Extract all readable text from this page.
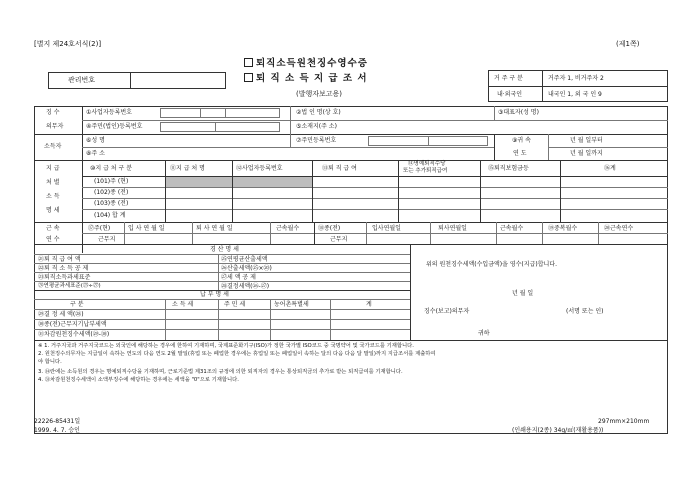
[별지 제24호서식(2)]	(제1쪽)
퇴직소득원천징수영수증
퇴 직 소 득 지 급 조 서
(발행자보고용)
관리번호	거 주 구 분	거주자 1, 비거주자 2
내·외국인	내국인 1, 외 국 인 9
징 수
의무자
①사업자등록번호	②법 인 명(상 호)	③대표자(성 명)
④주민(법인)등록번호	⑤소재지(주 소)
소득자
⑥성 명	⑦주민등록번호
⑧주 소
⑨귀 속
연 도
년 월 일부터
년 월 일까지
지 급
처 별
소 득
명 세
⑩지 급 처 구 분	⑪지 급 처 명	⑫사업자등록번호	⑬퇴 직 급 여
⑭명예퇴직수당
또는 추가퇴직급여	⑮퇴직보험금등	⑯계
(101)주 (현)
(102)종 (전)
(103)종 (전)
(104) 합 계
근 속
연 수
⑰주(현)	입 사 연 월 일	퇴 사 연 월 일	근속월수	⑱종(전)	입사연월일	퇴사연월일	근속월수	⑲중복월수	⑳근속연수
근무지	근무지
경 산 명 세
㉑퇴 직 급 여 액
㉒퇴 직 소 득 공 제
㉓퇴직소득과세표준
㉔연평균과세표준(㉓÷㉗)
㉕연평균산출세액
㉖산출세액(㉕×⑳)
㉗세 액 공 제
㉘결정세액(㉖-㉗)
납 부 명 세
구 분	소 득 세	주 민 세	농어촌특별세	계
㉙결 정 세 액(㉘)
㉚종(전)근무지기납부세액
㉛차감원천징수세액(㉙-㉚)
위의 원천징수세액(수입금액)을 영수(지급)합니다.
년 월 일
징수(보고)의무자	(서명 또는 인)
귀하
※ 1. 거주지국과 거주지국코드는 외국인에 해당하는 경우에 한하여 기재하며, 국제표준화기구(ISO)가 정한 국가별 ISO코드 중 국명약어 및 국가코드를 기재합니다.
2. 원천징수의무자는 지급일이 속하는 연도의 다음 연도 2월 말일(휴업 또는 폐업한 경우에는 휴업일 또는 폐업일이 속하는 달의 다음 다음 달 말일)까지 지급조서를 제출하여
야 합니다.
3. ⑭란에는 소득원의 경우는 명예퇴직수당을 기재하며, 근로기준법 제31조의 규정에 의한 퇴직자의 경우는 통상퇴직금의 추가로 받는 퇴직급여를 기재합니다.
4. ㉛차감원천징수세액이 소액부징수에 해당하는 경우에는 세액을 "0"으로 기재합니다.
22226-85431일
1999. 4. 7. 승인
297mm×210mm
(인쇄용지(2종) 34g/㎡(재활용품))
